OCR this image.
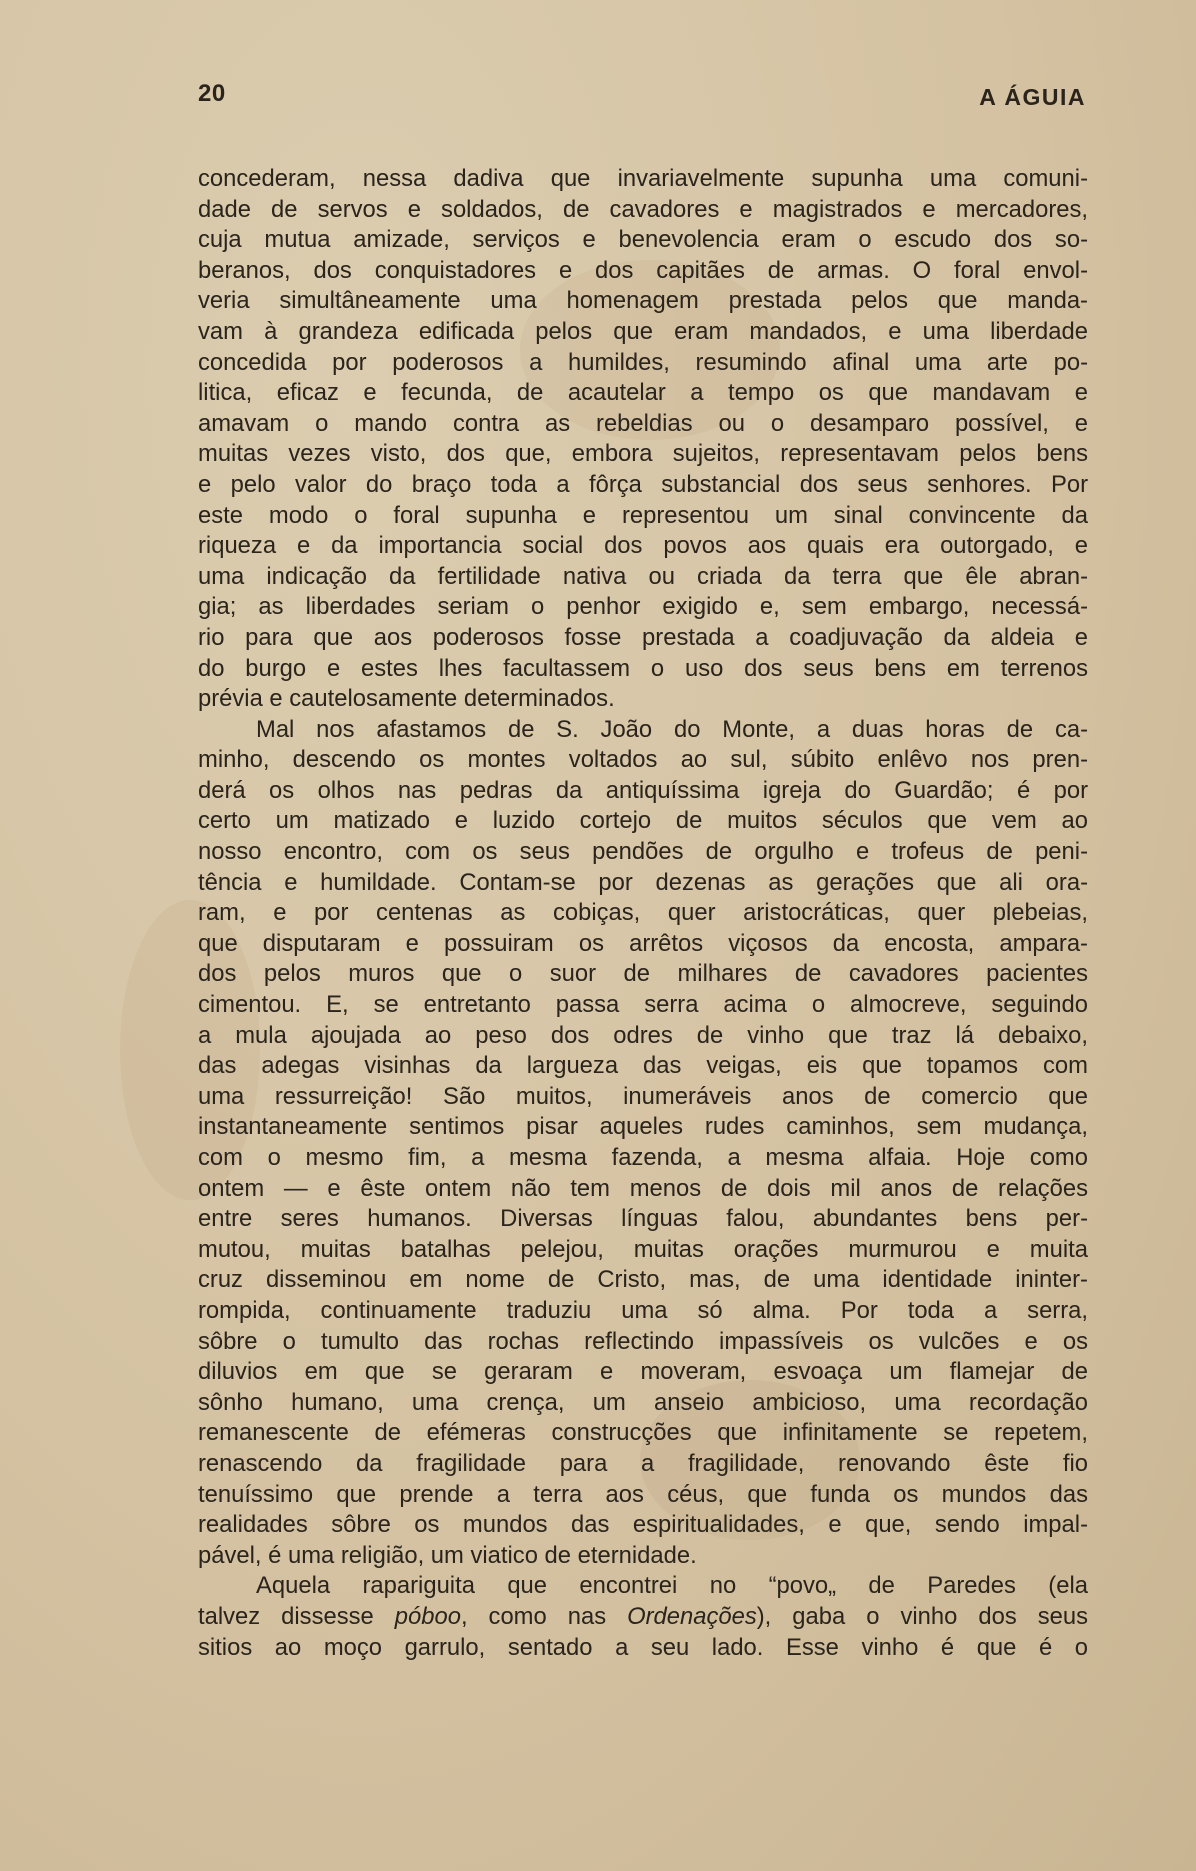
20	A ÁGUIA

concederam, nessa dadiva que invariavelmente supunha uma comuni-
dade de servos e soldados, de cavadores e magistrados e mercadores,
cuja mutua amizade, serviços e benevolencia eram o escudo dos so-
beranos, dos conquistadores e dos capitães de armas. O foral envol-
veria simultâneamente uma homenagem prestada pelos que manda-
vam à grandeza edificada pelos que eram mandados, e uma liberdade
concedida por poderosos a humildes, resumindo afinal uma arte po-
litica, eficaz e fecunda, de acautelar a tempo os que mandavam e
amavam o mando contra as rebeldias ou o desamparo possível, e
muitas vezes visto, dos que, embora sujeitos, representavam pelos bens
e pelo valor do braço toda a fôrça substancial dos seus senhores. Por
este modo o foral supunha e representou um sinal convincente da
riqueza e da importancia social dos povos aos quais era outorgado, e
uma indicação da fertilidade nativa ou criada da terra que êle abran-
gia; as liberdades seriam o penhor exigido e, sem embargo, necessá-
rio para que aos poderosos fosse prestada a coadjuvação da aldeia e
do burgo e estes lhes facultassem o uso dos seus bens em terrenos
prévia e cautelosamente determinados.

Mal nos afastamos de S. João do Monte, a duas horas de ca-
minho, descendo os montes voltados ao sul, súbito enlêvo nos pren-
derá os olhos nas pedras da antiquíssima igreja do Guardão; é por
certo um matizado e luzido cortejo de muitos séculos que vem ao
nosso encontro, com os seus pendões de orgulho e trofeus de peni-
tência e humildade. Contam-se por dezenas as gerações que ali ora-
ram, e por centenas as cobiças, quer aristocráticas, quer plebeias,
que disputaram e possuiram os arrêtos viçosos da encosta, ampara-
dos pelos muros que o suor de milhares de cavadores pacientes
cimentou. E, se entretanto passa serra acima o almocreve, seguindo
a mula ajoujada ao peso dos odres de vinho que traz lá debaixo,
das adegas visinhas da largueza das veigas, eis que topamos com
uma ressurreição! São muitos, inumeráveis anos de comercio que
instantaneamente sentimos pisar aqueles rudes caminhos, sem mudança,
com o mesmo fim, a mesma fazenda, a mesma alfaia. Hoje como
ontem — e êste ontem não tem menos de dois mil anos de relações
entre seres humanos. Diversas línguas falou, abundantes bens per-
mutou, muitas batalhas pelejou, muitas orações murmurou e muita
cruz disseminou em nome de Cristo, mas, de uma identidade ininter-
rompida, continuamente traduziu uma só alma. Por toda a serra,
sôbre o tumulto das rochas reflectindo impassíveis os vulcões e os
diluvios em que se geraram e moveram, esvoaça um flamejar de
sônho humano, uma crença, um anseio ambicioso, uma recordação
remanescente de efémeras construcções que infinitamente se repetem,
renascendo da fragilidade para a fragilidade, renovando êste fio
tenuíssimo que prende a terra aos céus, que funda os mundos das
realidades sôbre os mundos das espiritualidades, e que, sendo impal-
pável, é uma religião, um viatico de eternidade.

Aquela rapariguita que encontrei no “povo„ de Paredes (ela
talvez dissesse póboo, como nas Ordenações), gaba o vinho dos seus
sitios ao moço garrulo, sentado a seu lado. Esse vinho é que é o
